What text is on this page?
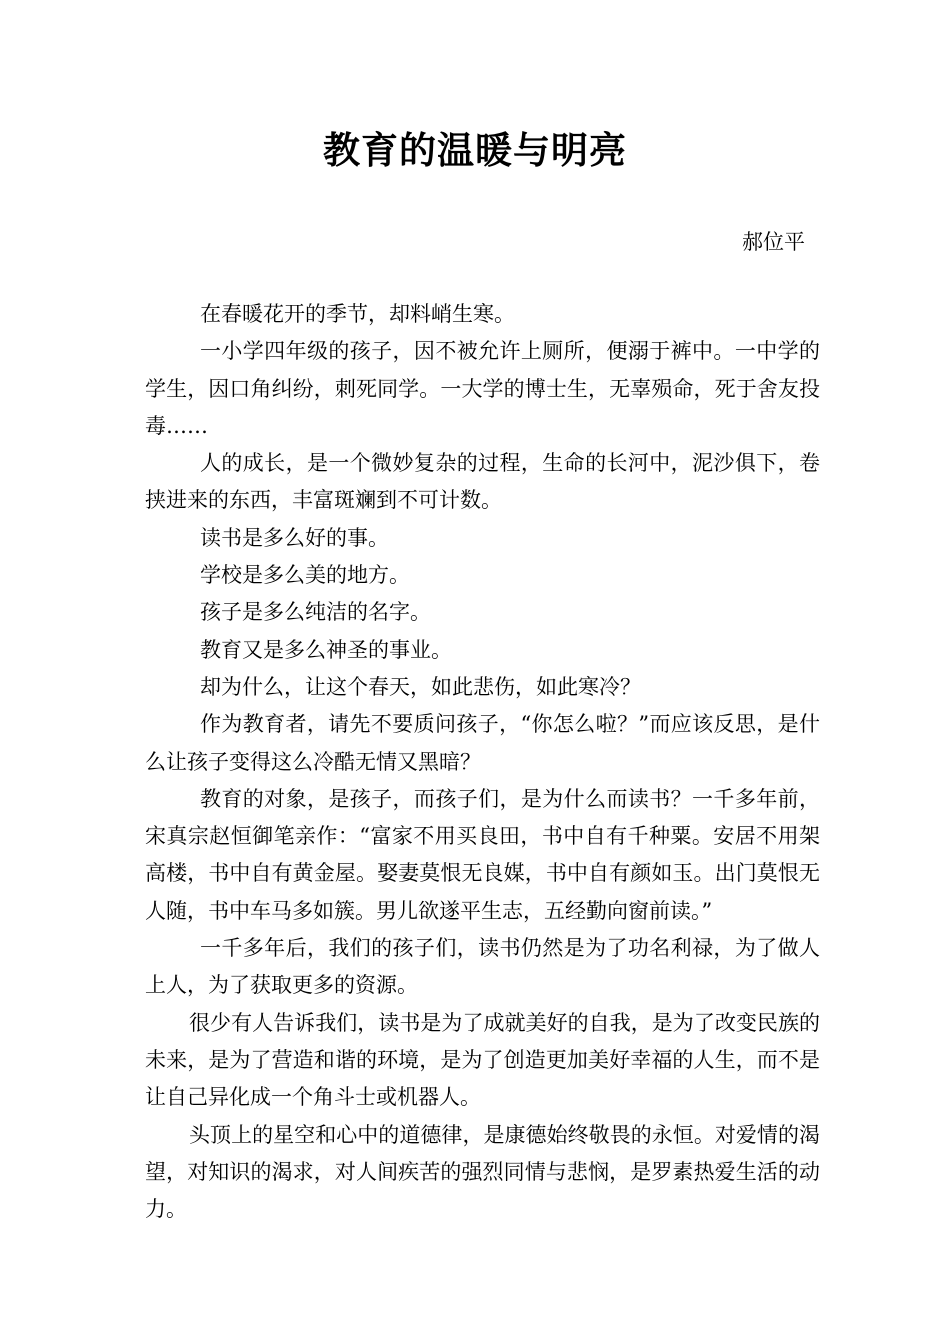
教育的温暖与明亮

郝位平

在春暖花开的季节，却料峭生寒。

一小学四年级的孩子，因不被允许上厕所，便溺于裤中。一中学的学生，因口角纠纷，刺死同学。一大学的博士生，无辜殒命，死于舍友投毒……

人的成长，是一个微妙复杂的过程，生命的长河中，泥沙俱下，卷挟进来的东西，丰富斑斓到不可计数。

读书是多么好的事。

学校是多么美的地方。

孩子是多么纯洁的名字。

教育又是多么神圣的事业。

却为什么，让这个春天，如此悲伤，如此寒冷？

作为教育者，请先不要质问孩子，“你怎么啦？”而应该反思，是什么让孩子变得这么冷酷无情又黑暗？

教育的对象，是孩子，而孩子们，是为什么而读书？一千多年前，宋真宗赵恒御笔亲作：“富家不用买良田，书中自有千种粟。安居不用架高楼，书中自有黄金屋。娶妻莫恨无良媒，书中自有颜如玉。出门莫恨无人随，书中车马多如簇。男儿欲遂平生志，五经勤向窗前读。”

一千多年后，我们的孩子们，读书仍然是为了功名利禄，为了做人上人，为了获取更多的资源。

很少有人告诉我们，读书是为了成就美好的自我，是为了改变民族的未来，是为了营造和谐的环境，是为了创造更加美好幸福的人生，而不是让自己异化成一个角斗士或机器人。

头顶上的星空和心中的道德律，是康德始终敬畏的永恒。对爱情的渴望，对知识的渴求，对人间疾苦的强烈同情与悲悯，是罗素热爱生活的动力。
